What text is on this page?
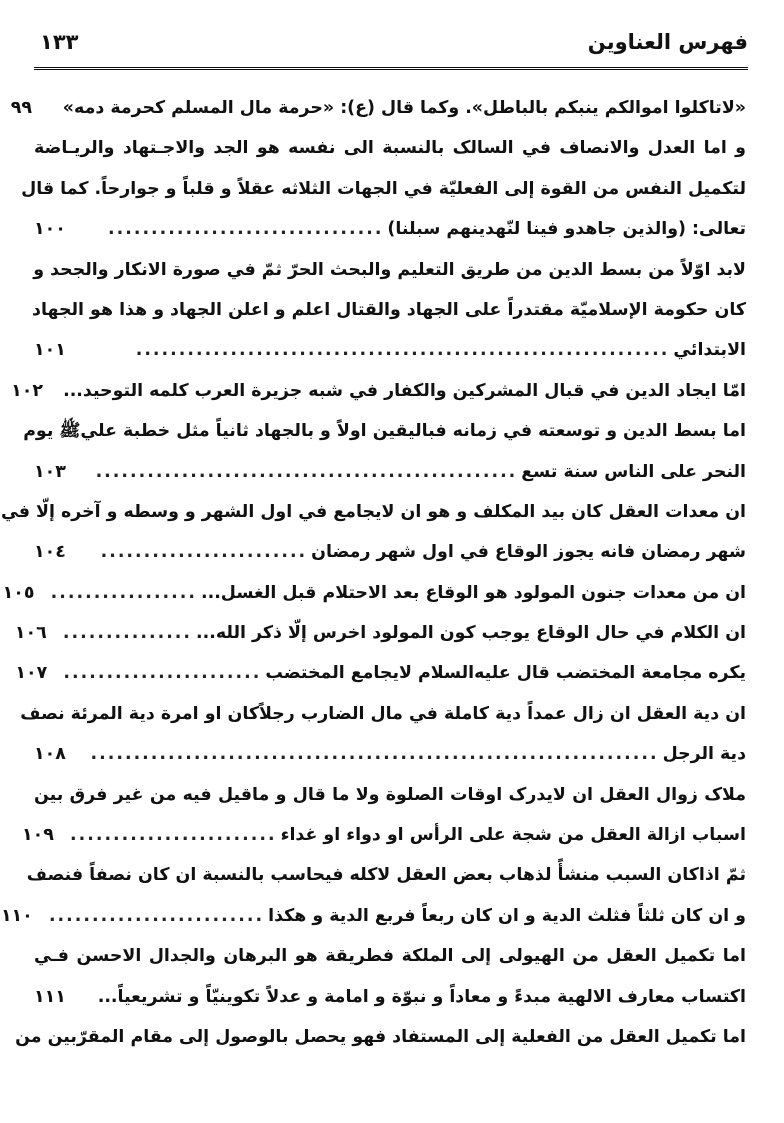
فهرس العناوين
١٣٣
«لاتاكلوا اموالكم ينبكم بالباطل». وكما قال (ع): «حرمة مال المسلم كحرمة دمه»
٩٩
و اما العدل والانصاف في السالک بالنسبة الى نفسه هو الجد والاجـتهاد والريـاضة
لتكميل النفس من القوة إلى الفعليّة في الجهات الثلاثه عقلاً و قلباً و جوارحاً. كما قال
تعالى: (والذين جاهدو فينا لنّهدينهم سبلنا)
................................
١٠٠
لابد اوّلاً من بسط الدين من طريق التعليم والبحث الحرّ ثمّ في صورة الانكار والجحد و
كان حكومة الإسلاميّة مقتدراً على الجهاد والقتال اعلم و اعلن الجهاد و هذا هو الجهاد
الابتدائي
..............................................................
١٠١
امّا ايجاد الدين في قبال المشركين والكفار في شبه جزيرة العرب كلمه التوحيد...
١٠٢
اما بسط الدين و توسعته في زمانه فباليقين اولاً و بالجهاد ثانياً مثل خطبة عليﷺ يوم
النحر على الناس سنة تسع
.................................................
١٠٣
ان معدات العقل كان بيد المكلف و هو ان لايجامع في اول الشهر و وسطه و آخره إلّا في
شهر رمضان فانه يجوز الوقاع في اول شهر رمضان
........................
١٠٤
ان من معدات جنون المولود هو الوقاع بعد الاحتلام قبل الغسل...
.................
١٠٥
ان الكلام في حال الوقاع يوجب كون المولود اخرس إلّا ذكر الله...
...............
١٠٦
يكره مجامعة المختضب قال عليه‌السلام لايجامع المختضب
.......................
١٠٧
ان دية العقل ان زال عمداً دية كاملة في مال الضارب رجلاًكان او امرة دية المرئة نصف
دية الرجل
..................................................................
١٠٨
ملاک زوال العقل ان لايدرک اوقات الصلوة ولا ما قال و ماقيل فيه من غير فرق بين
اسباب ازالة العقل من شجة على الرأس او دواء او غداء
........................
١٠٩
ثمّ اذاكان السبب منشأً لذهاب بعض العقل لاكله فيحاسب بالنسبة ان كان نصفاً فنصف
و ان كان ثلثاً فثلث الدية و ان كان ربعاً فربع الدية و هكذا
.........................
١١٠
اما تكميل العقل من الهيولى إلى الملكة فطريقة هو البرهان والجدال الاحسن فـي
اكتساب معارف الالهية مبدءً و معاداً و نبوّة و امامة و عدلاً تكوينيّاً و تشريعياً...
١١١
اما تكميل العقل من الفعلية إلى المستفاد فهو يحصل بالوصول إلى مقام المقرّبين من
